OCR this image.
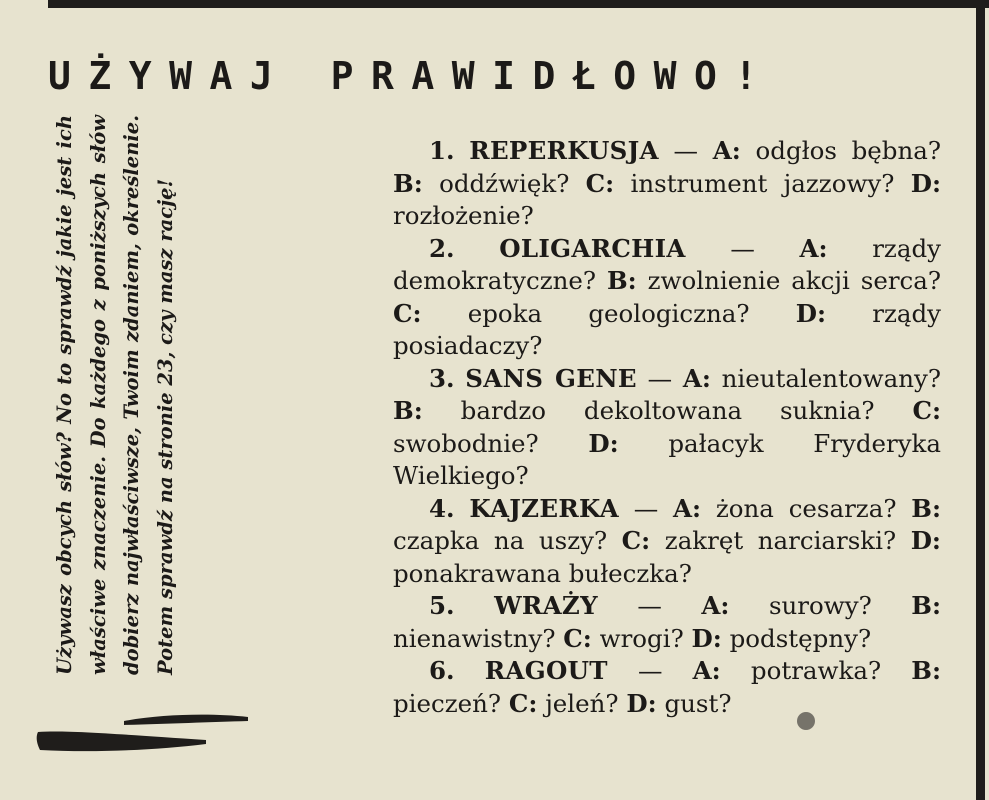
UŻYWAJ PRAWIDŁOWO!

Używasz obcych słów? No to sprawdź jakie jest ich właściwe znaczenie. Do każdego z poniższych słów dobierz najwłaściwsze, Twoim zdaniem, określenie. Potem sprawdź na stronie 23, czy masz rację!

1. REPERKUSJA — A: odgłos bębna? B: oddźwięk? C: instrument jazzowy? D: rozłożenie?
2. OLIGARCHIA — A: rządy demokratyczne? B: zwolnienie akcji serca? C: epoka geologiczna? D: rządy posiadaczy?
3. SANS GENE — A: nieutalentowany? B: bardzo dekoltowana suknia? C: swobodnie? D: pałacyk Fryderyka Wielkiego?
4. KAJZERKA — A: żona cesarza? B: czapka na uszy? C: zakręt narciarski? D: ponakrawana bułeczka?
5. WRAŻY — A: surowy? B: nienawistny? C: wrogi? D: podstępny?
6. RAGOUT — A: potrawka? B: pieczeń? C: jeleń? D: gust?
